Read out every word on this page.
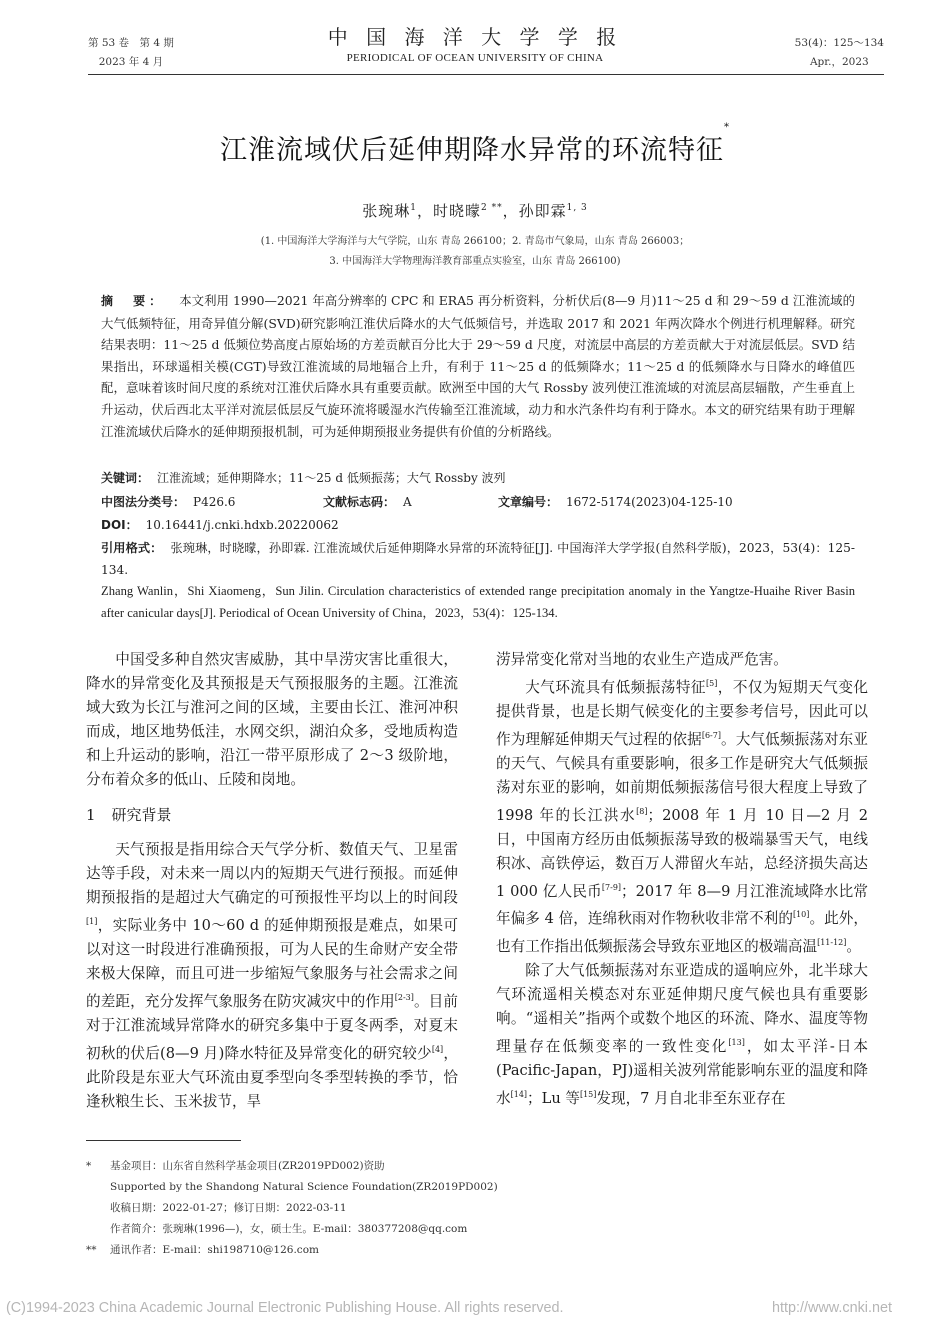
第 53 卷　第 4 期
2023 年 4 月
中 国 海 洋 大 学 学 报
PERIODICAL OF OCEAN UNIVERSITY OF CHINA
53(4)：125～134
Apr.，2023
江淮流域伏后延伸期降水异常的环流特征*
张琬琳$^1$，时晓曚$^{2 **}$，孙即霖$^{1, 3}$
(1. 中国海洋大学海洋与大气学院，山东 青岛 266100；2. 青岛市气象局，山东 青岛 266003；
3. 中国海洋大学物理海洋教育部重点实验室，山东 青岛 266100)
摘　要： 本文利用 1990—2021 年高分辨率的 CPC 和 ERA5 再分析资料，分析伏后(8—9 月)11～25 d 和 29～59 d 江淮流域的大气低频特征，用奇异值分解(SVD)研究影响江淮伏后降水的大气低频信号，并选取 2017 和 2021 年两次降水个例进行机理解释。研究结果表明：11～25 d 低频位势高度占原始场的方差贡献百分比大于 29～59 d 尺度，对流层中高层的方差贡献大于对流层低层。SVD 结果指出，环球遥相关模(CGT)导致江淮流域的局地辐合上升，有利于 11～25 d 的低频降水；11～25 d 的低频降水与日降水的峰值匹配，意味着该时间尺度的系统对江淮伏后降水具有重要贡献。欧洲至中国的大气 Rossby 波列使江淮流域的对流层高层辐散，产生垂直上升运动，伏后西北太平洋对流层低层反气旋环流将暖湿水汽传输至江淮流域，动力和水汽条件均有利于降水。本文的研究结果有助于理解江淮流域伏后降水的延伸期预报机制，可为延伸期预报业务提供有价值的分析路线。
关键词： 江淮流域；延伸期降水；11～25 d 低频振荡；大气 Rossby 波列
中图法分类号： P426.6	文献标志码： A	文章编号： 1672-5174(2023)04-125-10
DOI： 10.16441/j.cnki.hdxb.20220062
引用格式： 张琬琳，时晓曚，孙即霖. 江淮流域伏后延伸期降水异常的环流特征[J]. 中国海洋大学学报(自然科学版)，2023，53(4)：125-134.
Zhang Wanlin，Shi Xiaomeng，Sun Jilin. Circulation characteristics of extended range precipitation anomaly in the Yangtze-Huaihe River Basin after canicular days[J]. Periodical of Ocean University of China，2023，53(4)：125-134.

中国受多种自然灾害威胁，其中旱涝灾害比重很大，降水的异常变化及其预报是天气预报服务的主题。江淮流域大致为长江与淮河之间的区域，主要由长江、淮河冲积而成，地区地势低洼，水网交织，湖泊众多，受地质构造和上升运动的影响，沿江一带平原形成了 2～3 级阶地，分布着众多的低山、丘陵和岗地。

1 研究背景

天气预报是指用综合天气学分析、数值天气、卫星雷达等手段，对未来一周以内的短期天气进行预报。而延伸期预报指的是超过大气确定的可预报性平均以上的时间段[1]，实际业务中 10～60 d 的延伸期预报是难点，如果可以对这一时段进行准确预报，可为人民的生命财产安全带来极大保障，而且可进一步缩短气象服务与社会需求之间的差距，充分发挥气象服务在防灾减灾中的作用[2-3]。目前对于江淮流域异常降水的研究多集中于夏冬两季，对夏末初秋的伏后(8—9 月)降水特征及异常变化的研究较少[4]，此阶段是东亚大气环流由夏季型向冬季型转换的季节，恰逢秋粮生长、玉米拔节，旱

涝异常变化常对当地的农业生产造成严危害。

大气环流具有低频振荡特征[5]，不仅为短期天气变化提供背景，也是长期气候变化的主要参考信号，因此可以作为理解延伸期天气过程的依据[6-7]。大气低频振荡对东亚的天气、气候具有重要影响，很多工作是研究大气低频振荡对东亚的影响，如前期低频振荡信号很大程度上导致了 1998 年的长江洪水[8]；2008 年 1 月 10 日—2 月 2 日，中国南方经历由低频振荡导致的极端暴雪天气，电线积冰、高铁停运，数百万人滞留火车站，总经济损失高达 1 000 亿人民币[7-9]；2017 年 8—9 月江淮流域降水比常年偏多 4 倍，连绵秋雨对作物秋收非常不利的[10]。此外，也有工作指出低频振荡会导致东亚地区的极端高温[11-12]。

除了大气低频振荡对东亚造成的遥响应外，北半球大气环流遥相关模态对东亚延伸期尺度气候也具有重要影响。“遥相关”指两个或数个地区的环流、降水、温度等物理量存在低频变率的一致性变化[13]，如太平洋-日本(Pacific-Japan，PJ)遥相关波列常能影响东亚的温度和降水[14]；Lu 等[15]发现，7 月自北非至东亚存在

* 基金项目：山东省自然科学基金项目(ZR2019PD002)资助
Supported by the Shandong Natural Science Foundation(ZR2019PD002)
收稿日期：2022-01-27；修订日期：2022-03-11
作者简介：张琬琳(1996—)，女，硕士生。E-mail：380377208@qq.com
** 通讯作者：E-mail：shi198710@126.com
(C)1994-2023 China Academic Journal Electronic Publishing House. All rights reserved.	http://www.cnki.net
